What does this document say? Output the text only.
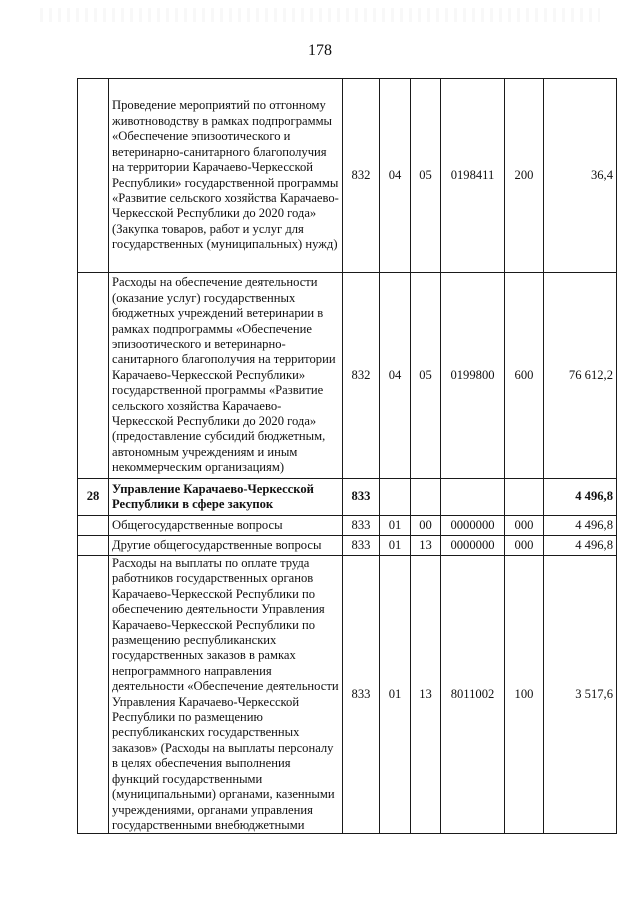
178
	Проведение мероприятий по отгонному животноводству в рамках подпрограммы «Обеспечение эпизоотического и ветеринарно-санитарного благополучия на территории Карачаево-Черкесской Республики» государственной программы «Развитие сельского хозяйства Карачаево-Черкесской Республики до 2020 года» (Закупка товаров, работ и услуг для государственных (муниципальных) нужд)	832	04	05	0198411	200	36,4
	Расходы на обеспечение деятельности (оказание услуг) государственных бюджетных учреждений ветеринарии в рамках подпрограммы «Обеспечение эпизоотического и ветеринарно-санитарного благополучия на территории Карачаево-Черкесской Республики» государственной программы «Развитие сельского хозяйства Карачаево-Черкесской Республики до 2020 года» (предоставление субсидий бюджетным, автономным учреждениям и иным некоммерческим организациям)	832	04	05	0199800	600	76 612,2
28	Управление Карачаево-Черкесской Республики в сфере закупок	833					4 496,8
	Общегосударственные вопросы	833	01	00	0000000	000	4 496,8
	Другие общегосударственные вопросы	833	01	13	0000000	000	4 496,8
	Расходы на выплаты по оплате труда работников государственных органов Карачаево-Черкесской Республики по обеспечению деятельности Управления Карачаево-Черкесской Республики по размещению республиканских государственных заказов в рамках непрограммного направления деятельности «Обеспечение деятельности Управления Карачаево-Черкесской Республики по размещению республиканских государственных заказов» (Расходы на выплаты персоналу в целях обеспечения выполнения функций государственными (муниципальными) органами, казенными учреждениями, органами управления государственными внебюджетными	833	01	13	8011002	100	3 517,6
